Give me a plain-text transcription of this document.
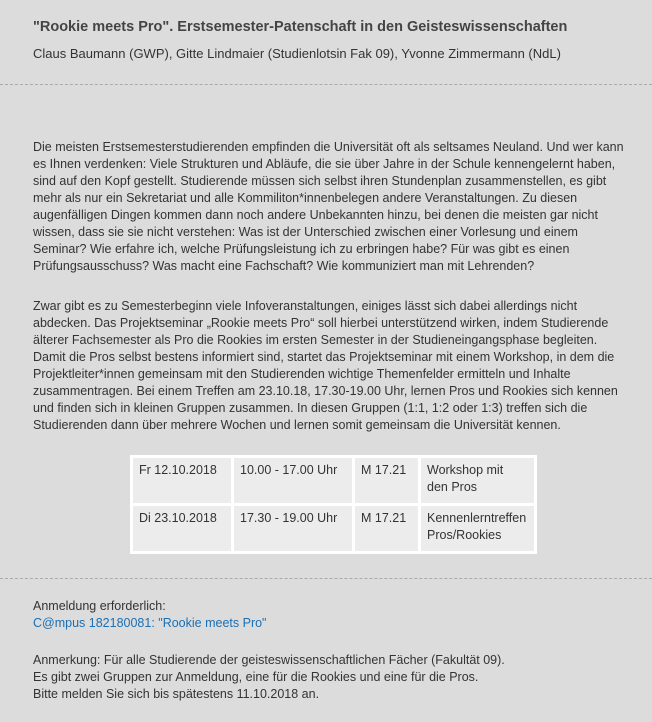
"Rookie meets Pro". Erstsemester-Patenschaft in den Geisteswissenschaften
Claus Baumann (GWP), Gitte Lindmaier (Studienlotsin Fak 09), Yvonne Zimmermann (NdL)
Die meisten Erstsemesterstudierenden empfinden die Universität oft als seltsames Neuland. Und wer kann
es Ihnen verdenken: Viele Strukturen und Abläufe, die sie über Jahre in der Schule kennengelernt haben,
sind auf den Kopf gestellt. Studierende müssen sich selbst ihren Stundenplan zusammenstellen, es gibt
mehr als nur ein Sekretariat und alle Kommiliton*innenbelegen andere Veranstaltungen. Zu diesen
augenfälligen Dingen kommen dann noch andere Unbekannten hinzu, bei denen die meisten gar nicht
wissen, dass sie sie nicht verstehen: Was ist der Unterschied zwischen einer Vorlesung und einem
Seminar? Wie erfahre ich, welche Prüfungsleistung ich zu erbringen habe? Für was gibt es einen
Prüfungsausschuss? Was macht eine Fachschaft? Wie kommuniziert man mit Lehrenden?
Zwar gibt es zu Semesterbeginn viele Infoveranstaltungen, einiges lässt sich dabei allerdings nicht
abdecken. Das Projektseminar „Rookie meets Pro“ soll hierbei unterstützend wirken, indem Studierende
älterer Fachsemester als Pro die Rookies im ersten Semester in der Studieneingangsphase begleiten.
Damit die Pros selbst bestens informiert sind, startet das Projektseminar mit einem Workshop, in dem die
Projektleiter*innen gemeinsam mit den Studierenden wichtige Themenfelder ermitteln und Inhalte
zusammentragen. Bei einem Treffen am 23.10.18, 17.30-19.00 Uhr, lernen Pros und Rookies sich kennen
und finden sich in kleinen Gruppen zusammen. In diesen Gruppen (1:1, 1:2 oder 1:3) treffen sich die
Studierenden dann über mehrere Wochen und lernen somit gemeinsam die Universität kennen.
Fr 12.10.2018	10.00 - 17.00 Uhr	M 17.21	Workshop mit
den Pros

Di 23.10.2018	17.30 - 19.00 Uhr	M 17.21	Kennenlerntreffen
Pros/Rookies
Anmeldung erforderlich:
C@mpus 182180081: "Rookie meets Pro"
Anmerkung: Für alle Studierende der geisteswissenschaftlichen Fächer (Fakultät 09).
Es gibt zwei Gruppen zur Anmeldung, eine für die Rookies und eine für die Pros.
Bitte melden Sie sich bis spätestens 11.10.2018 an.
